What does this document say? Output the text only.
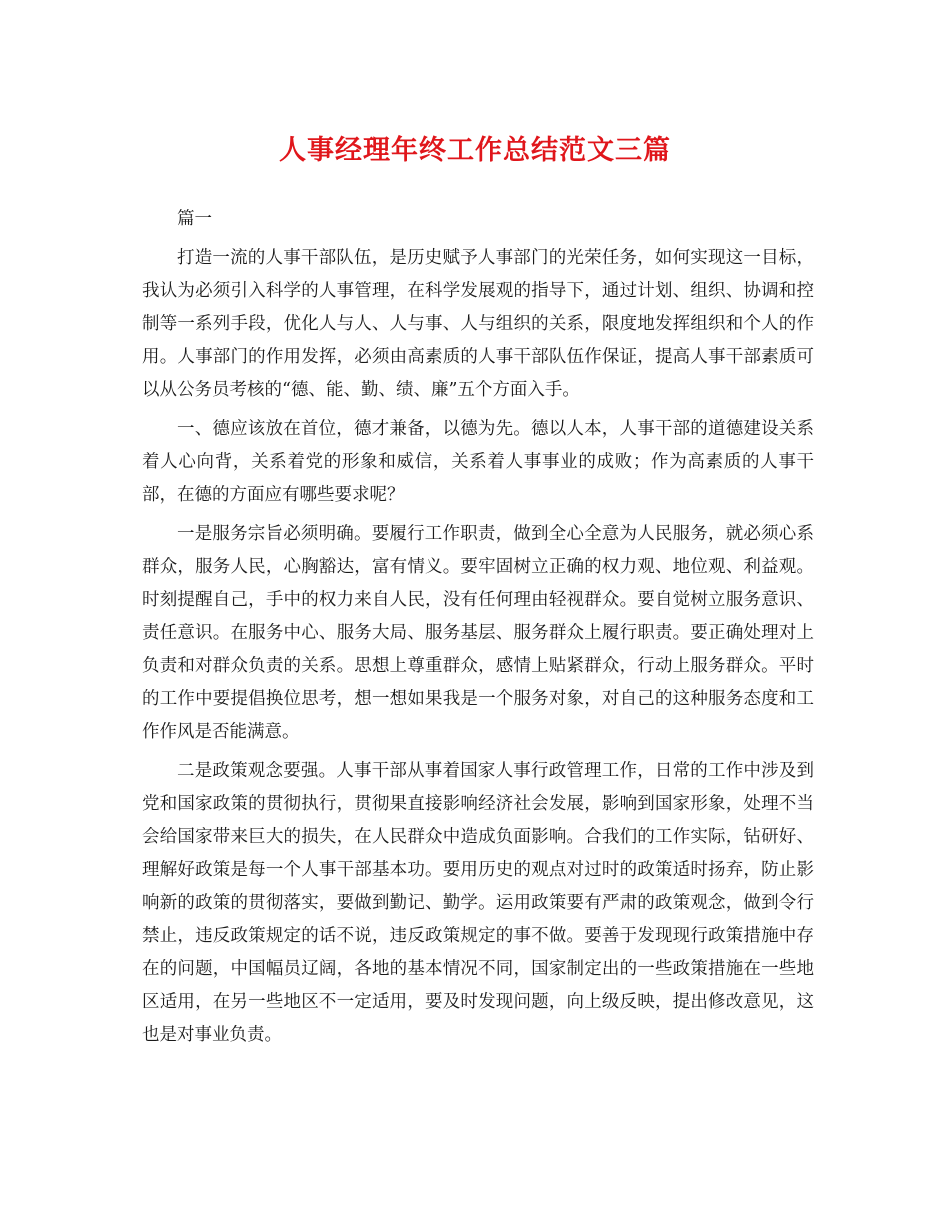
人事经理年终工作总结范文三篇

篇一

打造一流的人事干部队伍，是历史赋予人事部门的光荣任务，如何实现这一目标，我认为必须引入科学的人事管理，在科学发展观的指导下，通过计划、组织、协调和控制等一系列手段，优化人与人、人与事、人与组织的关系，限度地发挥组织和个人的作用。人事部门的作用发挥，必须由高素质的人事干部队伍作保证，提高人事干部素质可以从公务员考核的“德、能、勤、绩、廉”五个方面入手。

一、德应该放在首位，德才兼备，以德为先。德以人本，人事干部的道德建设关系着人心向背，关系着党的形象和威信，关系着人事事业的成败；作为高素质的人事干部，在德的方面应有哪些要求呢？

一是服务宗旨必须明确。要履行工作职责，做到全心全意为人民服务，就必须心系群众，服务人民，心胸豁达，富有情义。要牢固树立正确的权力观、地位观、利益观。时刻提醒自己，手中的权力来自人民，没有任何理由轻视群众。要自觉树立服务意识、责任意识。在服务中心、服务大局、服务基层、服务群众上履行职责。要正确处理对上负责和对群众负责的关系。思想上尊重群众，感情上贴紧群众，行动上服务群众。平时的工作中要提倡换位思考，想一想如果我是一个服务对象，对自己的这种服务态度和工作作风是否能满意。

二是政策观念要强。人事干部从事着国家人事行政管理工作，日常的工作中涉及到党和国家政策的贯彻执行，贯彻果直接影响经济社会发展，影响到国家形象，处理不当会给国家带来巨大的损失，在人民群众中造成负面影响。合我们的工作实际，钻研好、理解好政策是每一个人事干部基本功。要用历史的观点对过时的政策适时扬弃，防止影响新的政策的贯彻落实，要做到勤记、勤学。运用政策要有严肃的政策观念，做到令行禁止，违反政策规定的话不说，违反政策规定的事不做。要善于发现现行政策措施中存在的问题，中国幅员辽阔，各地的基本情况不同，国家制定出的一些政策措施在一些地区适用，在另一些地区不一定适用，要及时发现问题，向上级反映，提出修改意见，这也是对事业负责。
